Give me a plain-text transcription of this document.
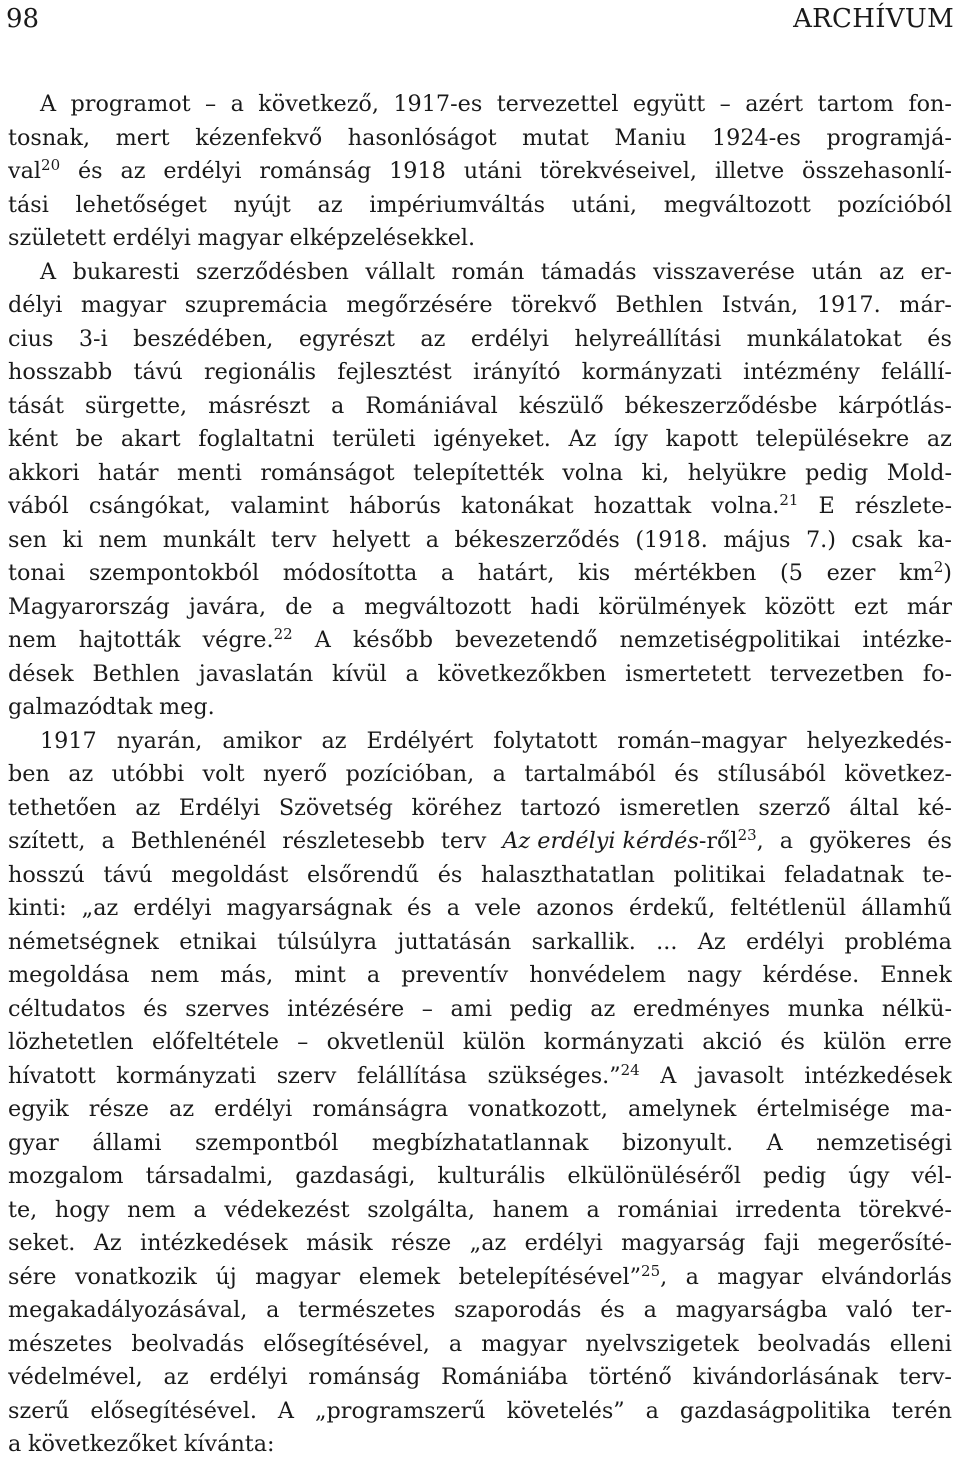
98	ARCHÍVUM
A programot – a következő, 1917-es tervezettel együtt – azért tartom fon-
tosnak, mert kézenfekvő hasonlóságot mutat Maniu 1924-es programjá-
val$^{20}$ és az erdélyi románság 1918 utáni törekvéseivel, illetve összehasonlí-
tási lehetőséget nyújt az impériumváltás utáni, megváltozott pozícióból
született erdélyi magyar elképzelésekkel.
A bukaresti szerződésben vállalt román támadás visszaverése után az er-
délyi magyar szupremácia megőrzésére törekvő Bethlen István, 1917. már-
cius 3-i beszédében, egyrészt az erdélyi helyreállítási munkálatokat és
hosszabb távú regionális fejlesztést irányító kormányzati intézmény felállí-
tását sürgette, másrészt a Romániával készülő békeszerződésbe kárpótlás-
ként be akart foglaltatni területi igényeket. Az így kapott településekre az
akkori határ menti románságot telepítették volna ki, helyükre pedig Mold-
vából csángókat, valamint háborús katonákat hozattak volna.$^{21}$ E részlete-
sen ki nem munkált terv helyett a békeszerződés (1918. május 7.) csak ka-
tonai szempontokból módosította a határt, kis mértékben (5 ezer $km^2$)
Magyarország javára, de a megváltozott hadi körülmények között ezt már
nem hajtották végre.$^{22}$ A később bevezetendő nemzetiségpolitikai intézke-
dések Bethlen javaslatán kívül a következőkben ismertetett tervezetben fo-
galmazódtak meg.
1917 nyarán, amikor az Erdélyért folytatott román–magyar helyezkedés-
ben az utóbbi volt nyerő pozícióban, a tartalmából és stílusából következ-
tethetően az Erdélyi Szövetség köréhez tartozó ismeretlen szerző által ké-
szített, a Bethlenénél részletesebb terv Az erdélyi kérdés-ről$^{23}$, a gyökeres és
hosszú távú megoldást elsőrendű és halaszthatatlan politikai feladatnak te-
kinti: „az erdélyi magyarságnak és a vele azonos érdekű, feltétlenül államhű
németségnek etnikai túlsúlyra juttatásán sarkallik. ... Az erdélyi probléma
megoldása nem más, mint a preventív honvédelem nagy kérdése. Ennek
céltudatos és szerves intézésére – ami pedig az eredményes munka nélkü-
lözhetetlen előfeltétele – okvetlenül külön kormányzati akció és külön erre
hívatott kormányzati szerv felállítása szükséges.”$^{24}$ A javasolt intézkedések
egyik része az erdélyi románságra vonatkozott, amelynek értelmisége ma-
gyar állami szempontból megbízhatatlannak bizonyult. A nemzetiségi
mozgalom társadalmi, gazdasági, kulturális elkülönüléséről pedig úgy vél-
te, hogy nem a védekezést szolgálta, hanem a romániai irredenta törekvé-
seket. Az intézkedések másik része „az erdélyi magyarság faji megerősíté-
sére vonatkozik új magyar elemek betelepítésével”$^{25}$, a magyar elvándorlás
megakadályozásával, a természetes szaporodás és a magyarságba való ter-
mészetes beolvadás elősegítésével, a magyar nyelvszigetek beolvadás elleni
védelmével, az erdélyi románság Romániába történő kivándorlásának terv-
szerű elősegítésével. A „programszerű követelés” a gazdaságpolitika terén
a következőket kívánta:
